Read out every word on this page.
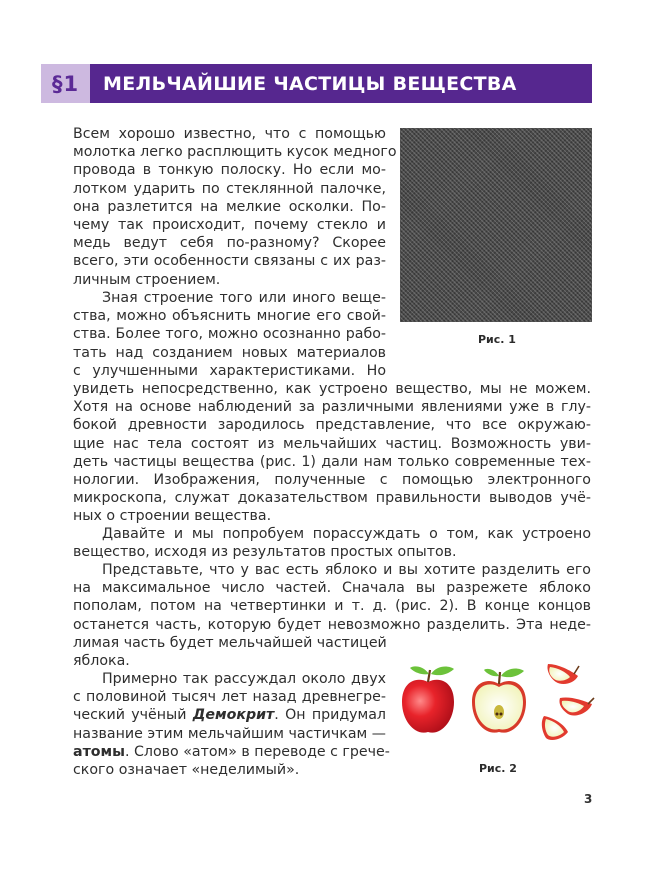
§1	МЕЛЬЧАЙШИЕ ЧАСТИЦЫ ВЕЩЕСТВА
Всем хорошо известно, что с помощью
молотка легко расплющить кусок медного
провода в тонкую полоску. Но если мо-
лотком ударить по стеклянной палочке,
она разлетится на мелкие осколки. По-
чему так происходит, почему стекло и
медь ведут себя по-разному? Скорее
всего, эти особенности связаны с их раз-
личным строением.
Зная строение того или иного веще-
ства, можно объяснить многие его свой-
ства. Более того, можно осознанно рабо-
тать над созданием новых материалов
с улучшенными характеристиками. Но
увидеть непосредственно, как устроено вещество, мы не можем.
Хотя на основе наблюдений за различными явлениями уже в глу-
бокой древности зародилось представление, что все окружаю-
щие нас тела состоят из мельчайших частиц. Возможность уви-
деть частицы вещества (рис. 1) дали нам только современные тех-
нологии. Изображения, полученные с помощью электронного
микроскопа, служат доказательством правильности выводов учё-
ных о строении вещества.
Давайте и мы попробуем порассуждать о том, как устроено
вещество, исходя из результатов простых опытов.
Представьте, что у вас есть яблоко и вы хотите разделить его
на максимальное число частей. Сначала вы разрежете яблоко
пополам, потом на четвертинки и т. д. (рис. 2). В конце концов
останется часть, которую будет невозможно разделить. Эта неде-
лимая часть будет мельчайшей частицей
яблока.
Примерно так рассуждал около двух
с половиной тысяч лет назад древнегре-
ческий учёный Демокрит. Он придумал
название этим мельчайшим частичкам —
атомы. Слово «атом» в переводе с грече-
ского означает «неделимый».
Рис. 1
Рис. 2
3
